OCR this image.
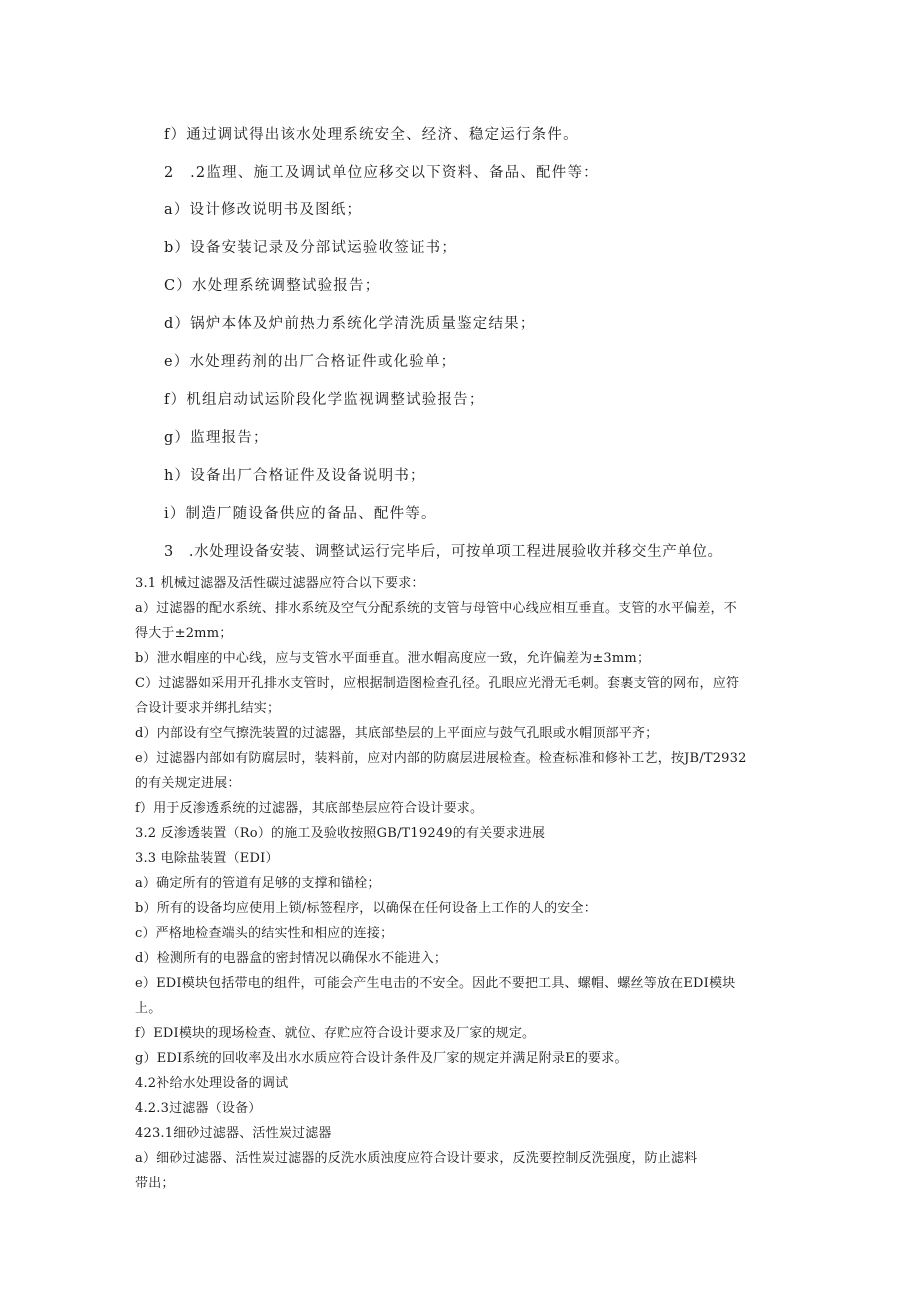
f）通过调试得出该水处理系统安全、经济、稳定运行条件。
2　.2监理、施工及调试单位应移交以下资料、备品、配件等：
a）设计修改说明书及图纸；
b）设备安装记录及分部试运验收签证书；
C）水处理系统调整试验报告；
d）锅炉本体及炉前热力系统化学清洗质量鉴定结果；
e）水处理药剂的出厂合格证件或化验单；
f）机组启动试运阶段化学监视调整试验报告；
g）监理报告；
h）设备出厂合格证件及设备说明书；
i）制造厂随设备供应的备品、配件等。
3　.水处理设备安装、调整试运行完毕后，可按单项工程进展验收并移交生产单位。
3.1 机械过滤器及活性碳过滤器应符合以下要求：
a）过滤器的配水系统、排水系统及空气分配系统的支管与母管中心线应相互垂直。支管的水平偏差，不
得大于±2mm；
b）泄水帽座的中心线，应与支管水平面垂直。泄水帽高度应一致，允许偏差为±3mm；
C）过滤器如采用开孔排水支管时，应根据制造图检查孔径。孔眼应光滑无毛刺。套裹支管的网布，应符
合设计要求并绑扎结实；
d）内部设有空气擦洗装置的过滤器，其底部垫层的上平面应与鼓气孔眼或水帽顶部平齐；
e）过滤器内部如有防腐层时，装料前，应对内部的防腐层进展检查。检查标准和修补工艺，按JB/T2932
的有关规定进展：
f）用于反渗透系统的过滤器，其底部垫层应符合设计要求。
3.2 反渗透装置（Ro）的施工及验收按照GB/T19249的有关要求进展
3.3 电除盐装置（EDI）
a）确定所有的管道有足够的支撑和锚栓；
b）所有的设备均应使用上锁/标签程序，以确保在任何设备上工作的人的安全：
c）严格地检查端头的结实性和相应的连接；
d）检测所有的电器盒的密封情况以确保水不能进入；
e）EDI模块包括带电的组件，可能会产生电击的不安全。因此不要把工具、螺帽、螺丝等放在EDI模块
上。
f）EDI模块的现场检查、就位、存贮应符合设计要求及厂家的规定。
g）EDI系统的回收率及出水水质应符合设计条件及厂家的规定并满足附录E的要求。
4.2补给水处理设备的调试
4.2.3过滤器（设备）
423.1细砂过滤器、活性炭过滤器
a）细砂过滤器、活性炭过滤器的反洗水质浊度应符合设计要求，反洗要控制反洗强度，防止滤料
带出；
